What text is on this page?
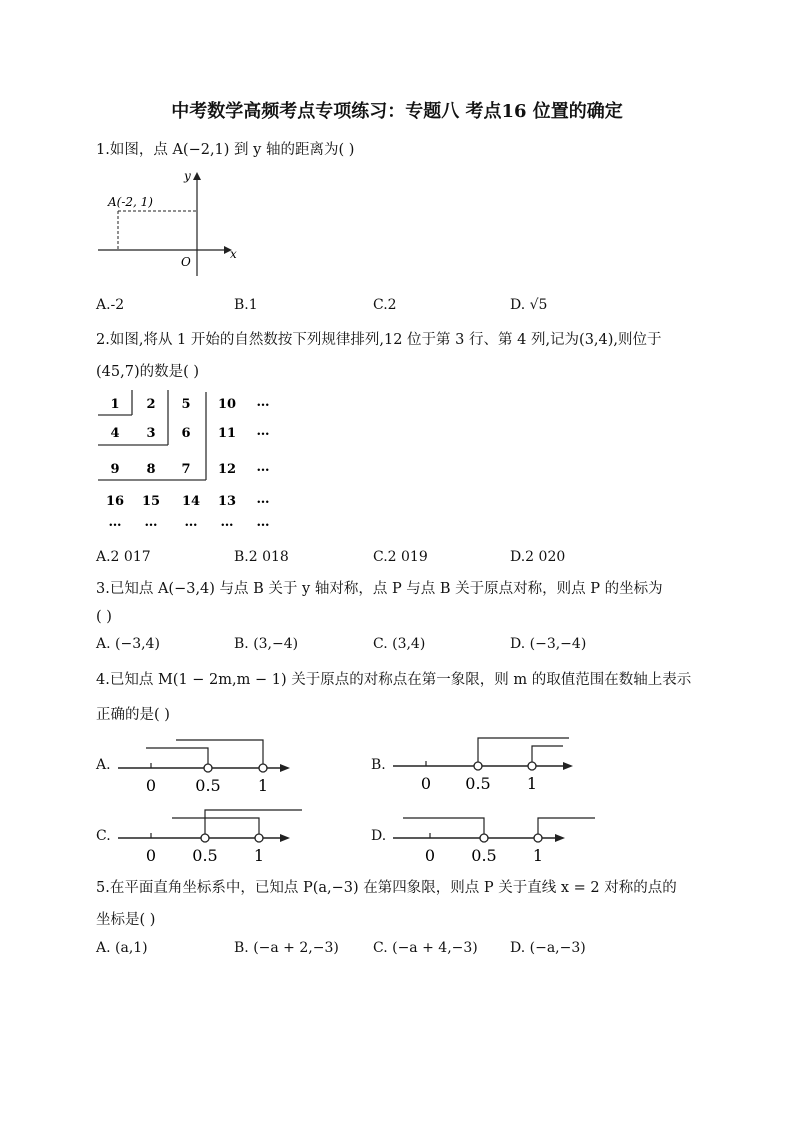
中考数学高频考点专项练习：专题八 考点16 位置的确定
1.如图，点 A(−2,1) 到 y 轴的距离为( )
A(-2, 1)
x
y
O
A.-2	B.1	C.2	D. √5
2.如图,将从 1 开始的自然数按下列规律排列,12 位于第 3 行、第 4 列,记为(3,4),则位于
(45,7)的数是( )
1 2 5 10 …
4 3 6 11 …
9 8 7 12 …
16 15 14 13 …
… … … … …
A.2 017	B.2 018	C.2 019	D.2 020
3.已知点 A(−3,4) 与点 B 关于 y 轴对称，点 P 与点 B 关于原点对称，则点 P 的坐标为
( )
A. (−3,4)	B. (3,−4)	C. (3,4)	D. (−3,−4)
4.已知点 M(1 − 2m,m − 1) 关于原点的对称点在第一象限，则 m 的取值范围在数轴上表示
正确的是( )
A.
0 0.5 1
B.
0 0.5 1
C.
0 0.5 1
D.
0 0.5 1
5.在平面直角坐标系中，已知点 P(a,−3) 在第四象限，则点 P 关于直线 x = 2 对称的点的
坐标是( )
A. (a,1)	B. (−a + 2,−3) C. (−a + 4,−3) D. (−a,−3)
